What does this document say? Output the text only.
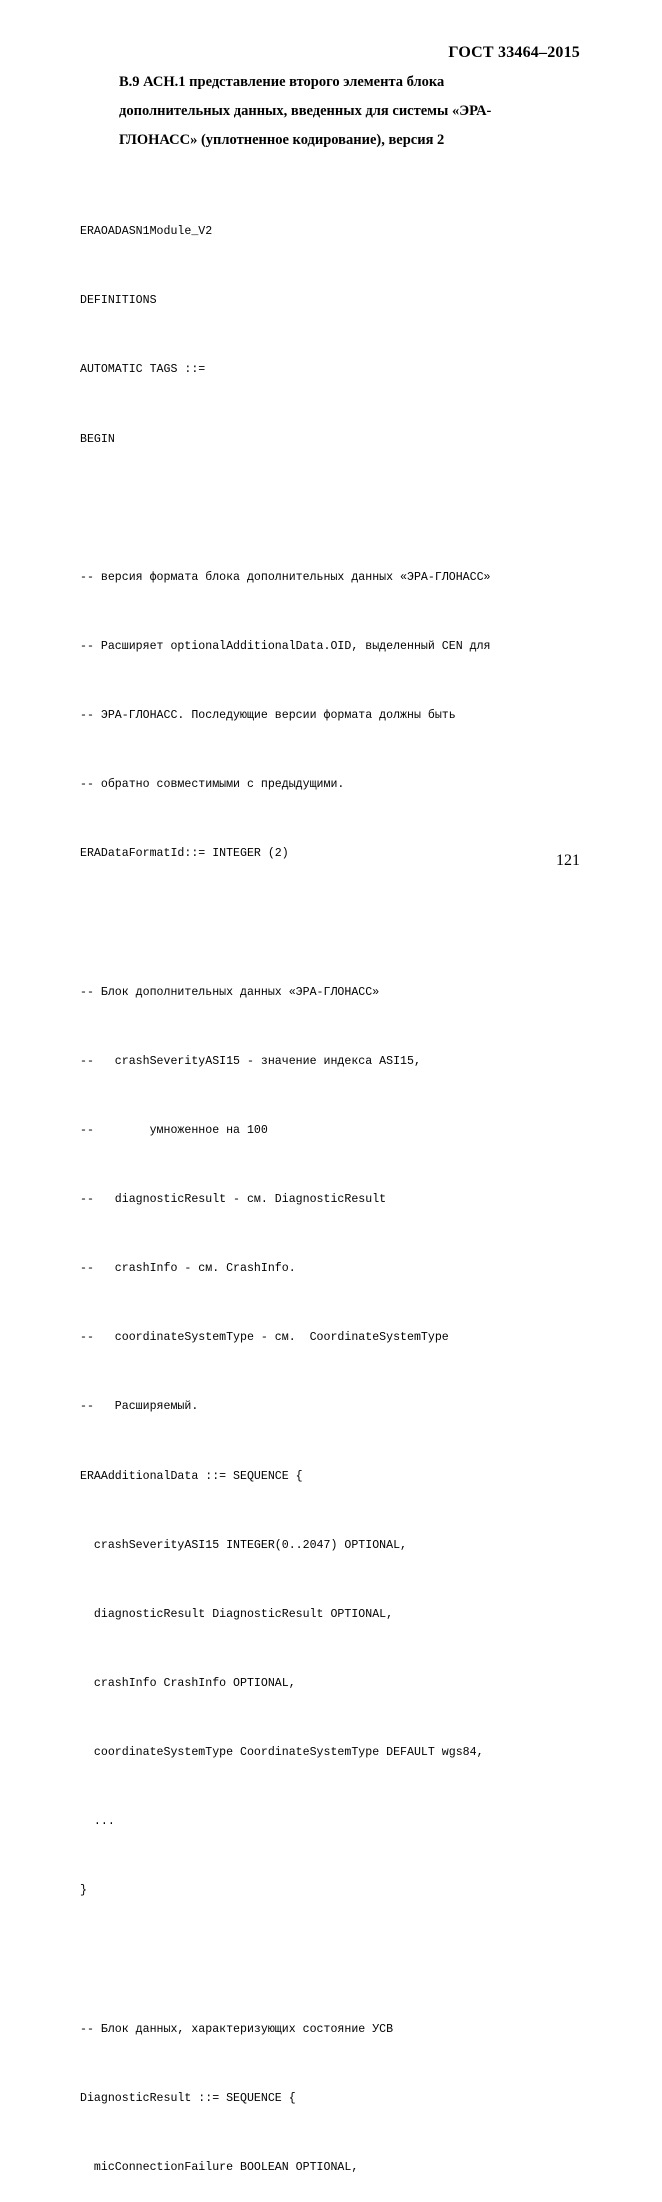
ГОСТ 33464–2015
B.9 АСН.1 представление второго элемента блока
дополнительных данных, введенных для системы «ЭРА-
ГЛОНАСС» (уплотненное кодирование), версия 2

ERAOADASN1Module_V2

DEFINITIONS

AUTOMATIC TAGS ::=

BEGIN

-- версия формата блока дополнительных данных «ЭРА-ГЛОНАСС»

-- Расширяет optionalAdditionalData.OID, выделенный CEN для

-- ЭРА-ГЛОНАСС. Последующие версии формата должны быть

-- обратно совместимыми с предыдущими.

ERADataFormatId::= INTEGER (2)

-- Блок дополнительных данных «ЭРА-ГЛОНАСС»

--   crashSeverityASI15 - значение индекса ASI15,

--        умноженное на 100

--   diagnosticResult - см. DiagnosticResult

--   crashInfo - см. CrashInfo.

--   coordinateSystemType - см.  CoordinateSystemType

--   Расширяемый.

ERAAdditionalData ::= SEQUENCE {

crashSeverityASI15 INTEGER(0..2047) OPTIONAL,

diagnosticResult DiagnosticResult OPTIONAL,

crashInfo CrashInfo OPTIONAL,

coordinateSystemType CoordinateSystemType DEFAULT wgs84,

...

}

-- Блок данных, характеризующих состояние УСВ

DiagnosticResult ::= SEQUENCE {

micConnectionFailure BOOLEAN OPTIONAL,

121
